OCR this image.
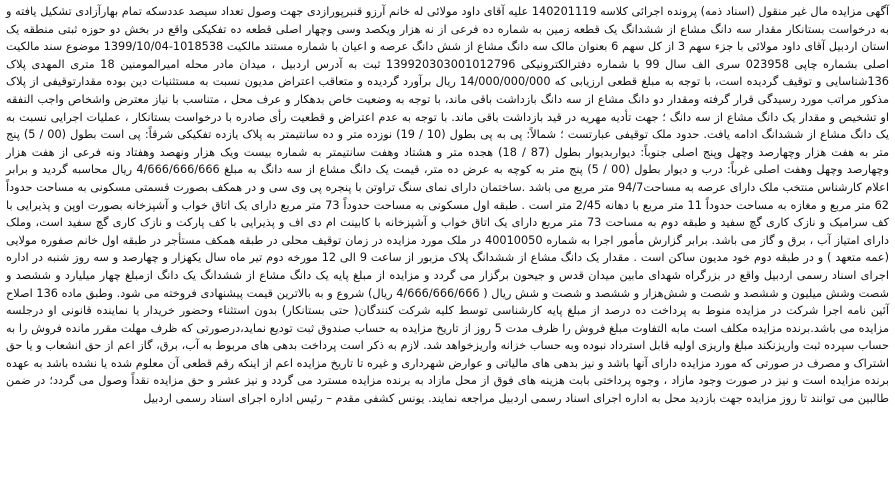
آگهی مزایده مال غیر منقول (اسناد ذمه) پرونده اجرائی کلاسه 140201119 علیه آقای داود مولائی له خانم آرزو قنبرپورازدی جهت وصول تعداد سیصد عددسکه تمام بهارآزادی تشکیل یافته و به درخواست بستانکار مقدار سه دانگ مشاع از ششدانگ یک قطعه زمین به شماره ده فرعی از نه هزار ویکصد وسی وچهار اصلی قطعه ده تفکیکی واقع در بخش دو حوزه ثبتی منطقه یک استان اردبیل آقای داود مولائی با جزء سهم 3 از کل سهم 6 بعنوان مالک سه دانگ مشاع از شش دانگ عرصه و اعیان با شماره مستند مالکیت 1018538-1399/10/04 موضوع سند مالکیت اصلی بشماره چاپی 023958 سری الف سال 99 با شماره دفترالکترونیکی 139920303001012796 ثبت به آدرس اردبیل ، میدان مادر محله امیرالمومنین 18 متری المهدی پلاک 136شناسایی و توقیف گردیده است، با توجه به مبلغ قطعی ارزیابی که 14/000/000/000 ریال برآورد گردیده و متعاقب اعتراض مدیون نسبت به مستثنیات دین بوده مقدارتوقیفی از پلاک مذکور مراتب مورد رسیدگی قرار گرفته ومقدار دو دانگ مشاع از سه دانگ بازداشت باقی ماند، با توجه به وضعیت خاص بدهکار و عرف محل ، متناسب با نیاز معترض واشخاص واجب النفقه او تشخیص و مقدار یک دانگ مشاع از سه دانگ ؛ جهت تأدیه مهریه در قید بازداشت باقی ماند. با توجه به عدم اعتراض و قطعیت رأی صادره با درخواست بستانکار ، عملیات اجرایی نسبت به یک دانگ مشاع از ششدانگ ادامه یافت. حدود ملک توقیفی عبارتست ؛ شمالاً: پی به پی بطول (10 / 19) نوزده متر و ده سانتیمتر به پلاک یازده تفکیکی شرقاً: پی است بطول (00 / 5) پنج متر به هفت هزار وچهارصد وچهل وپنج اصلی جنوباً: دیواربدیوار بطول (87 / 18) هجده متر و هشتاد وهفت سانتیمتر به شماره بیست ویک هزار ونهصد وهفتاد ونه فرعی از هفت هزار وچهارصد وچهل وهفت اصلی غرباً: درب و دیوار بطول (00 / 5) پنج متر به کوچه به عرض ده متر، قیمت یک دانگ مشاع از سه دانگ به مبلغ 4/666/666/666 ریال محاسبه گردید و برابر اعلام کارشناس منتخب ملک دارای عرصه به مساحت94/7 متر مربع می باشد .ساختمان دارای نمای سنگ تراوتن با پنجره پی وی سی و در همکف بصورت قسمتی مسکونی به مساحت حدوداً 62 متر مربع و مغازه به مساحت حدوداً 11 متر مربع با دهانه 2/45 متر است . طبقه اول مسکونی به مساحت حدوداً 73 متر مربع دارای یک اتاق خواب و آشپزخانه بصورت اوپن و پذیرایی با کف سرامیک و نازک کاری گچ سفید و طبقه دوم به مساحت 73 متر مربع دارای یک اتاق خواب و آشپزخانه با کابینت ام دی اف و پذیرایی با کف پارکت و نازک کاری گچ سفید است، وملک دارای امتیاز آب ، برق و گاز می باشد. برابر گزارش مأمور اجرا به شماره 40010050 در ملک مورد مزایده در زمان توقیف محلی در طبقه همکف مستأجر در طبقه اول خانم صفوره مولایی (عمه متعهد ) و در طبقه دوم خود مدیون ساکن است . مقدار یک دانگ مشاع از ششدانگ پلاک مزبور از ساعت 9 الی 12 مورخه دوم تیر ماه سال یکهزار و چهارصد و سه روز شنبه در اداره اجرای اسناد رسمی اردبیل واقع در بزرگراه شهدای مابین میدان قدس و جیحون برگزار می گردد و مزایده از مبلغ پایه یک دانگ مشاع از ششدانگ یک دانگ ازمبلغ چهار میلیارد و ششصد و شصت وشش میلیون و ششصد و شصت و شش‌هزار و ششصد و شصت و شش ریال ( 4/666/666/666 ریال) شروع و به بالاترین قیمت پیشنهادی فروخته می شود. وطبق ماده 136 اصلاح آئین نامه اجرا شرکت در مزایده منوط به پرداخت ده درصد از مبلغ پایه کارشناسی توسط کلیه شرکت کنندگان( حتی بستانکار) بدون استثناء وحضور خریدار یا نماینده قانونی او درجلسه مزایده می باشد.برنده مزایده مکلف است مابه التفاوت مبلغ فروش را ظرف مدت 5 روز از تاریخ مزایده به حساب صندوق ثبت تودیع نماید،درصورتی که ظرف مهلت مقرر مانده فروش را به حساب سپرده ثبت واریزنکند مبلغ واریزی اولیه قابل استرداد نبوده وبه حساب خزانه واریزخواهد شد. لازم به ذکر است پرداخت بدهی های مربوط به آب، برق، گاز اعم از حق انشعاب و یا حق اشتراک و مصرف در صورتی که مورد مزایده دارای آنها باشد و نیز بدهی های مالیاتی و عوارض شهرداری و غیره تا تاریخ مزایده اعم از اینکه رقم قطعی آن معلوم شده یا نشده باشد به عهده برنده مزایده است و نیز در صورت وجود مازاد ، وجوه پرداختی بابت هزینه های فوق از محل مازاد به برنده مزایده مسترد می گردد و نیز عشر و حق مزایده نقداً وصول می گردد؛ در ضمن طالبین می توانند تا روز مزایده جهت بازدید محل به اداره اجرای اسناد رسمی اردبیل مراجعه نمایند. یونس کشفی مقدم – رئیس اداره اجرای اسناد رسمی اردبیل
